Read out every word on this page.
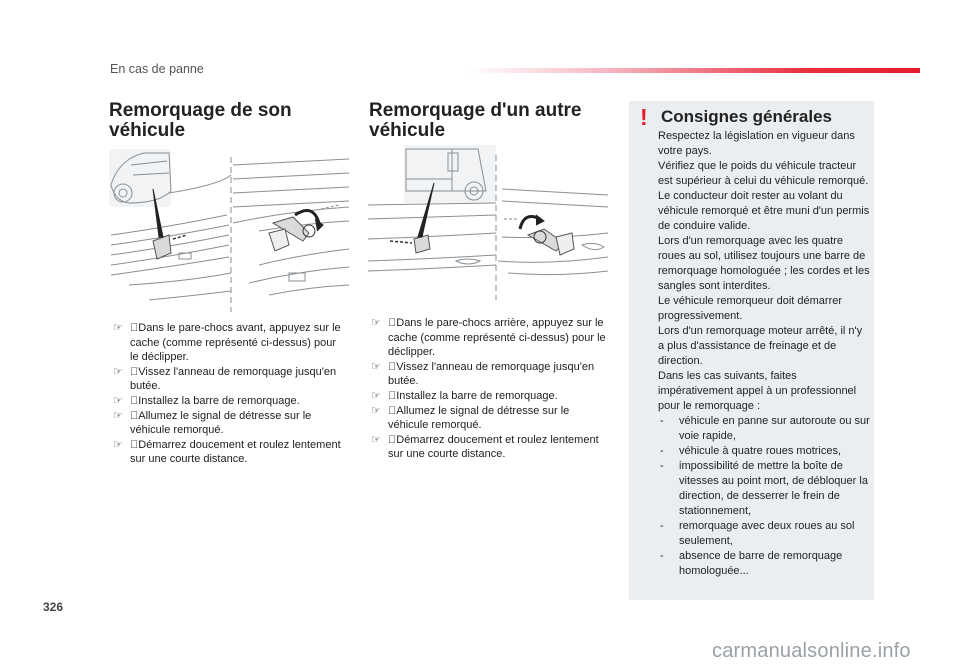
En cas de panne
Remorquage de son véhicule
☞ Dans le pare-chocs avant, appuyez sur le cache (comme représenté ci-dessus) pour le déclipper.
☞ Vissez l'anneau de remorquage jusqu'en butée.
☞ Installez la barre de remorquage.
☞ Allumez le signal de détresse sur le véhicule remorqué.
☞ Démarrez doucement et roulez lentement sur une courte distance.
Remorquage d'un autre véhicule
☞ Dans le pare-chocs arrière, appuyez sur le cache (comme représenté ci-dessus) pour le déclipper.
☞ Vissez l'anneau de remorquage jusqu'en butée.
☞ Installez la barre de remorquage.
☞ Allumez le signal de détresse sur le véhicule remorqué.
☞ Démarrez doucement et roulez lentement sur une courte distance.
! Consignes générales

Respectez la législation en vigueur dans votre pays.

Vérifiez que le poids du véhicule tracteur est supérieur à celui du véhicule remorqué.

Le conducteur doit rester au volant du véhicule remorqué et être muni d'un permis de conduire valide.

Lors d'un remorquage avec les quatre roues au sol, utilisez toujours une barre de remorquage homologuée ; les cordes et les sangles sont interdites.

Le véhicule remorqueur doit démarrer progressivement.

Lors d'un remorquage moteur arrêté, il n'y a plus d'assistance de freinage et de direction.

Dans les cas suivants, faites impérativement appel à un professionnel pour le remorquage :

- véhicule en panne sur autoroute ou sur voie rapide,
- véhicule à quatre roues motrices,
- impossibilité de mettre la boîte de vitesses au point mort, de débloquer la direction, de desserrer le frein de stationnement,
- remorquage avec deux roues au sol seulement,
- absence de barre de remorquage homologuée...
326
carmanualsonline.info
